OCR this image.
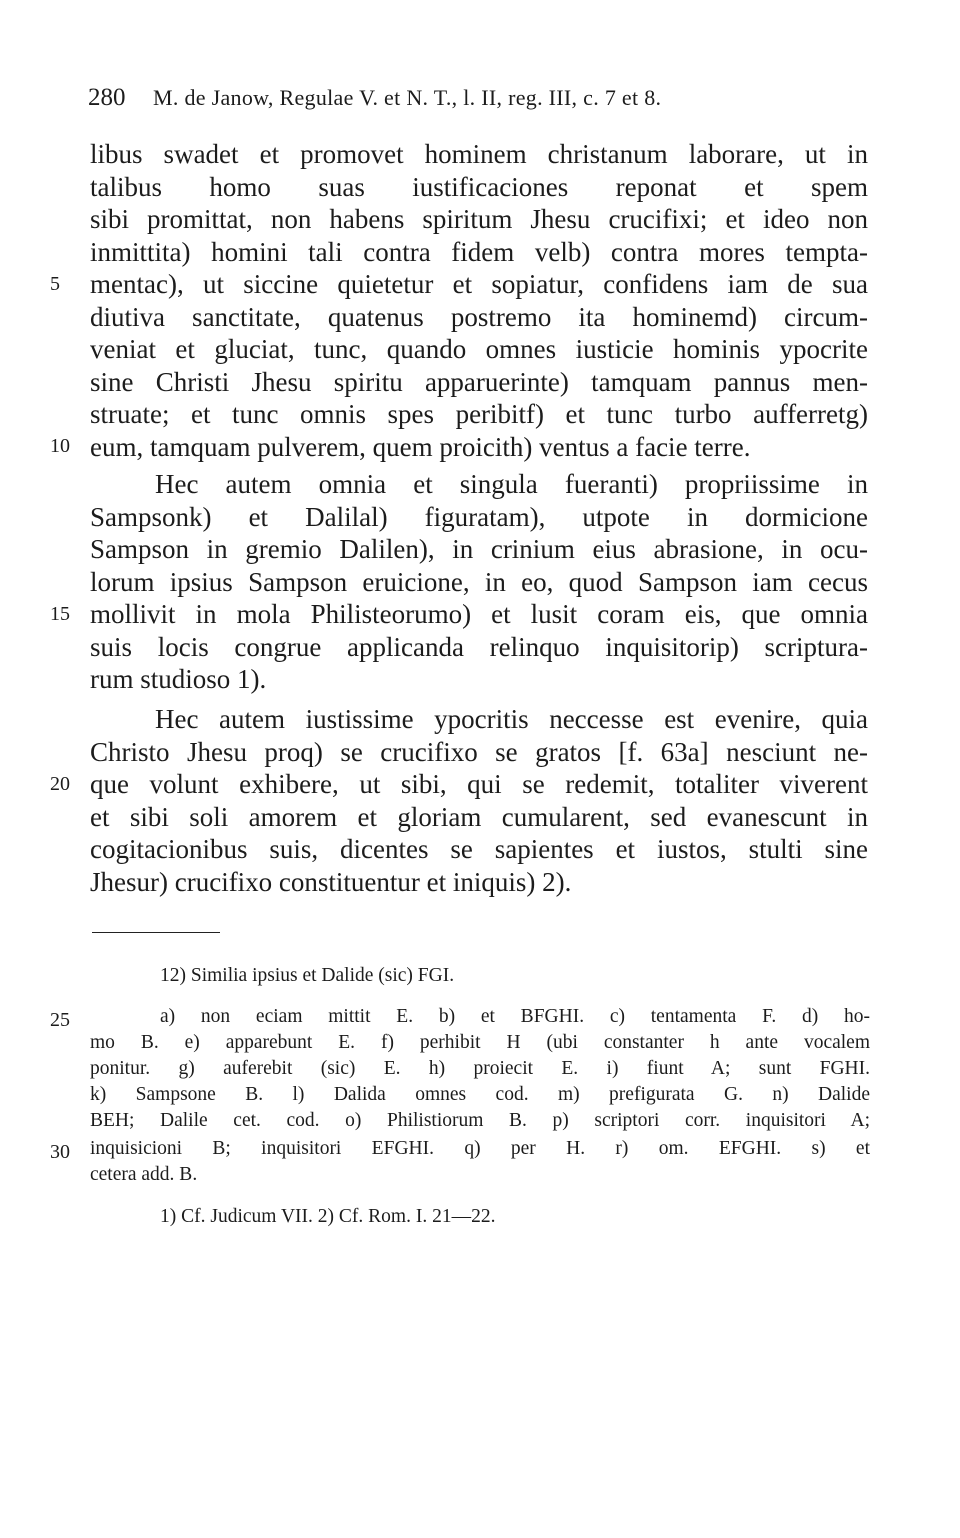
280 M. de Janow, Regulae V. et N. T., l. II, reg. III, c. 7 et 8.
libus swadet et promovet hominem christanum laborare, ut in
talibus homo suas iustificaciones reponat et spem
sibi promittat, non habens spiritum Jhesu crucifixi; et ideo non
inmittita) homini tali contra fidem velb) contra mores tempta-
mentac), ut siccine quietetur et sopiatur, confidens iam de sua
diutiva sanctitate, quatenus postremo ita hominemd) circum-
veniat et gluciat, tunc, quando omnes iusticie hominis ypocrite
sine Christi Jhesu spiritu apparuerinte) tamquam pannus men-
struate; et tunc omnis spes peribitf) et tunc turbo aufferretg)
eum, tamquam pulverem, quem proicith) ventus a facie terre.
Hec autem omnia et singula fueranti) propriissime in
Sampsonk) et Dalilal) figuratam), utpote in dormicione
Sampson in gremio Dalilen), in crinium eius abrasione, in ocu-
lorum ipsius Sampson eruicione, in eo, quod Sampson iam cecus
mollivit in mola Philisteorumo) et lusit coram eis, que omnia
suis locis congrue applicanda relinquo inquisitorip) scriptura-
rum studioso 1).
Hec autem iustissime ypocritis neccesse est evenire, quia
Christo Jhesu proq) se crucifixo se gratos [f. 63a] nesciunt ne-
que volunt exhibere, ut sibi, qui se redemit, totaliter viverent
et sibi soli amorem et gloriam cumularent, sed evanescunt in
cogitacionibus suis, dicentes se sapientes et iustos, stulti sine
Jhesur) crucifixo constituentur et iniquis) 2).
5
10
15
20
25
30
12) Similia ipsius et Dalide (sic) FGI.
a) non eciam mittit E. b) et BFGHI. c) tentamenta F. d) ho-
mo B. e) apparebunt E. f) perhibit H (ubi constanter h ante vocalem
ponitur. g) auferebit (sic) E. h) proiecit E. i) fiunt A; sunt FGHI.
k) Sampsone B. l) Dalida omnes cod. m) prefigurata G. n) Dalide
BEH; Dalile cet. cod. o) Philistiorum B. p) scriptori corr. inquisitori A;
inquisicioni B; inquisitori EFGHI. q) per H. r) om. EFGHI. s) et
cetera add. B.
1) Cf. Judicum VII. 2) Cf. Rom. I. 21—22.
